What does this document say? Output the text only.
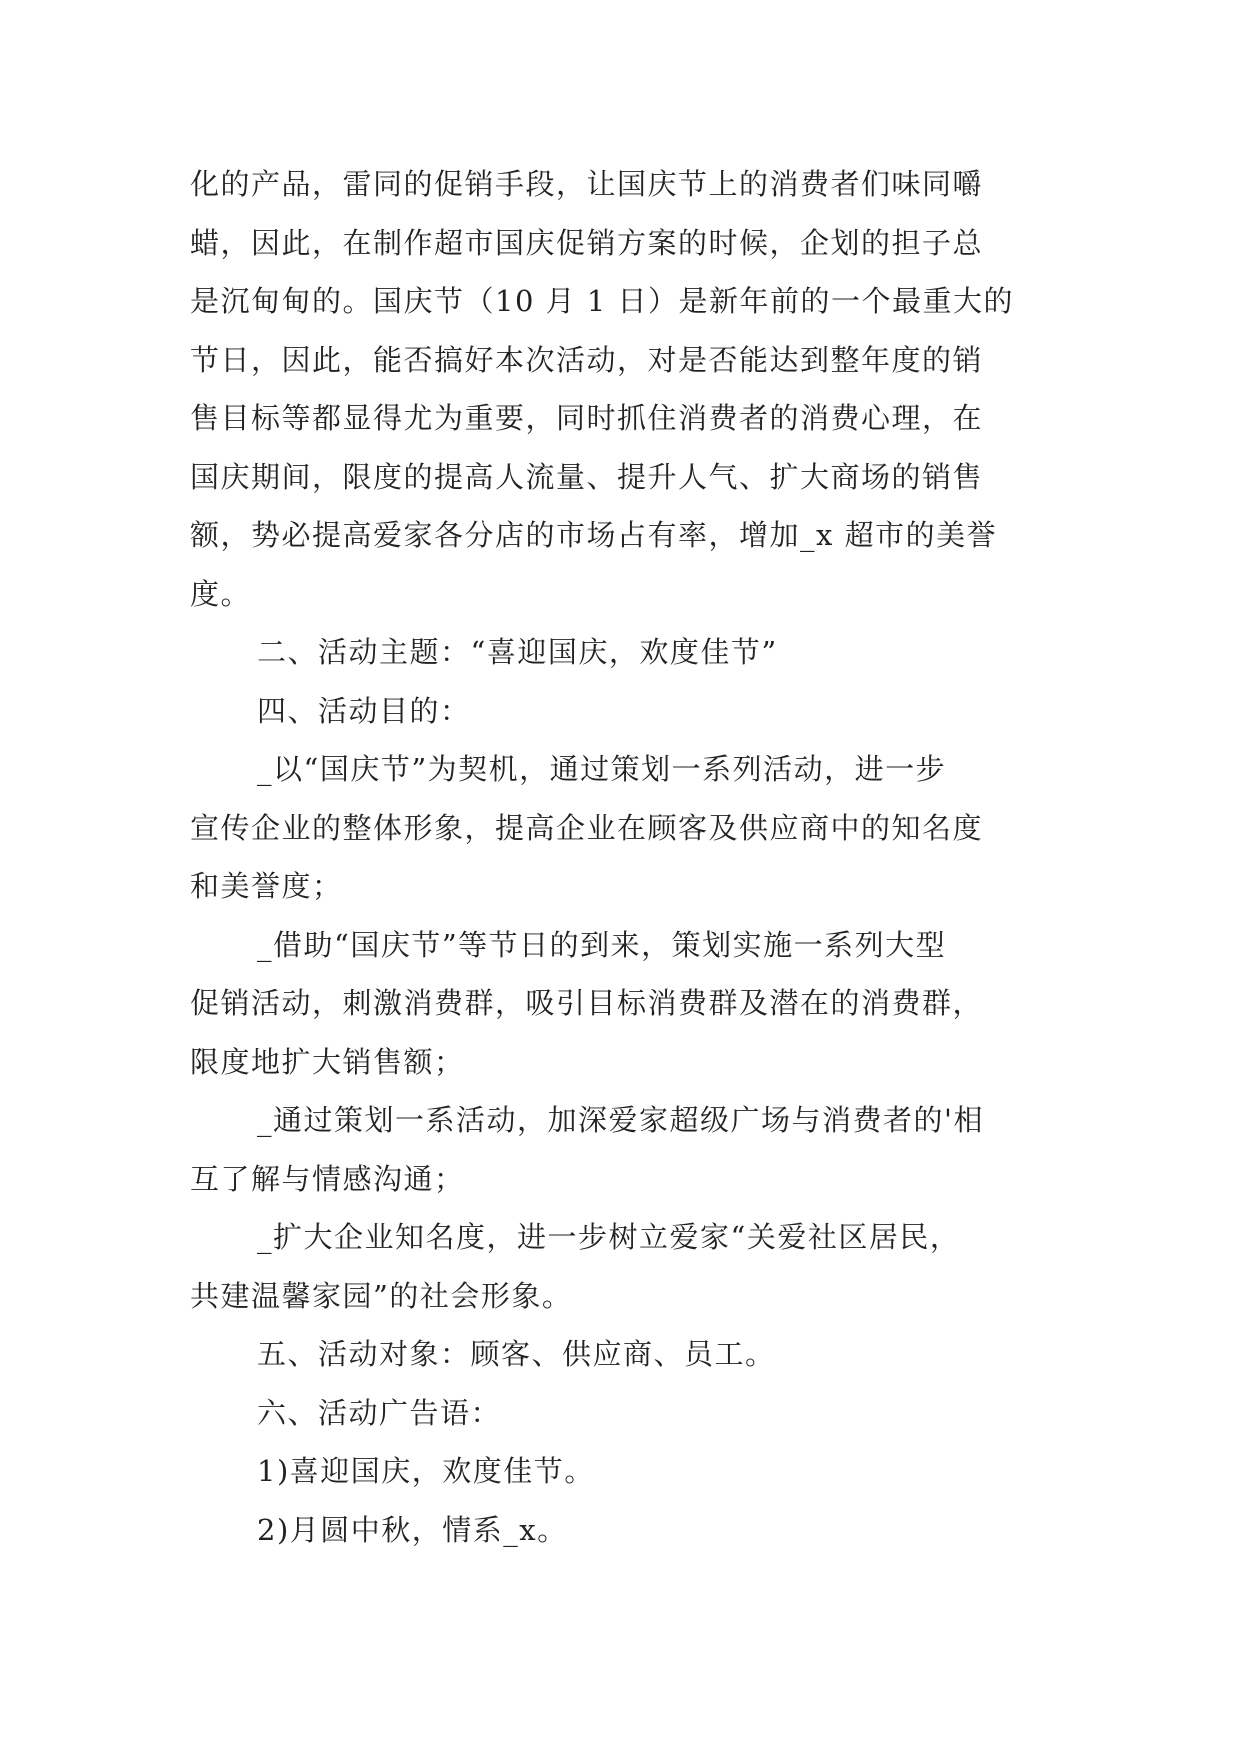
化的产品，雷同的促销手段，让国庆节上的消费者们味同嚼
蜡，因此，在制作超市国庆促销方案的时候，企划的担子总
是沉甸甸的。国庆节（10 月 1 日）是新年前的一个最重大的
节日，因此，能否搞好本次活动，对是否能达到整年度的销
售目标等都显得尤为重要，同时抓住消费者的消费心理，在
国庆期间，限度的提高人流量、提升人气、扩大商场的销售
额，势必提高爱家各分店的市场占有率，增加_x 超市的美誉
度。
二、活动主题：“喜迎国庆，欢度佳节”
四、活动目的：
_以“国庆节”为契机，通过策划一系列活动，进一步
宣传企业的整体形象，提高企业在顾客及供应商中的知名度
和美誉度；
_借助“国庆节”等节日的到来，策划实施一系列大型
促销活动，刺激消费群，吸引目标消费群及潜在的消费群，
限度地扩大销售额；
_通过策划一系活动，加深爱家超级广场与消费者的'相
互了解与情感沟通；
_扩大企业知名度，进一步树立爱家“关爱社区居民，
共建温馨家园”的社会形象。
五、活动对象：顾客、供应商、员工。
六、活动广告语：
1)喜迎国庆，欢度佳节。
2)月圆中秋，情系_x。
